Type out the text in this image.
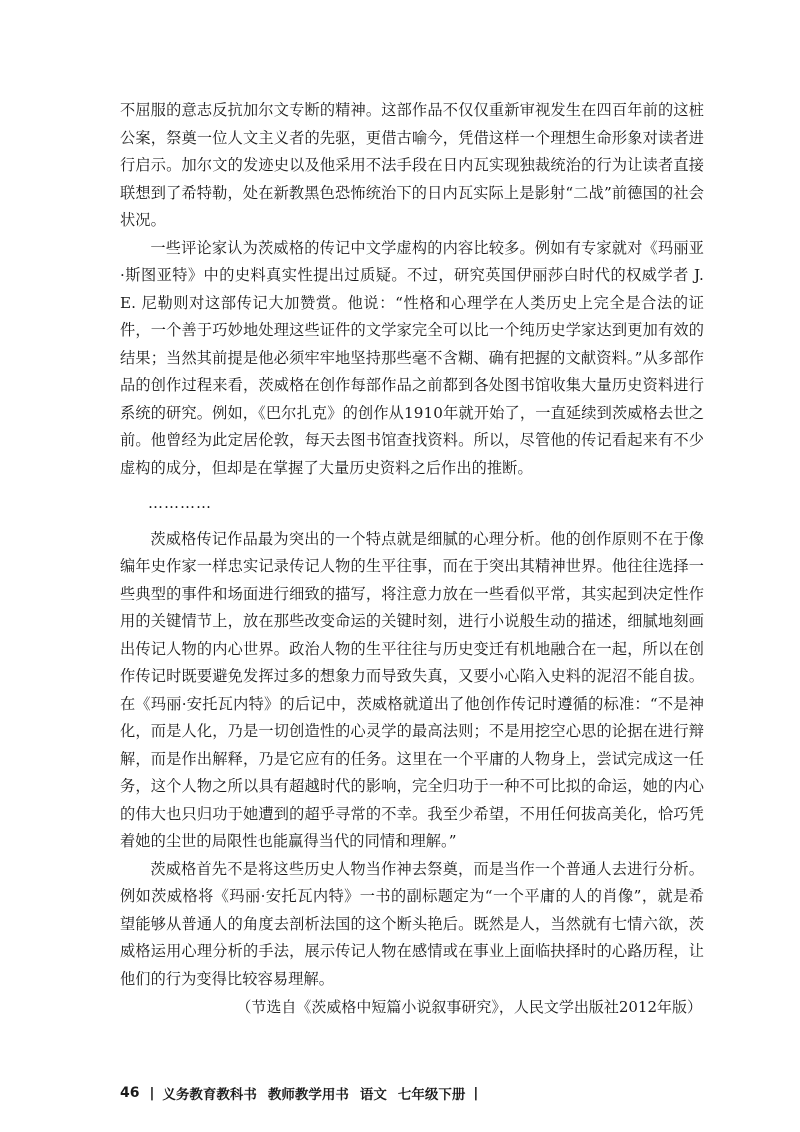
不屈服的意志反抗加尔文专断的精神。这部作品不仅仅重新审视发生在四百年前的这桩公案，祭奠一位人文主义者的先驱，更借古喻今，凭借这样一个理想生命形象对读者进行启示。加尔文的发迹史以及他采用不法手段在日内瓦实现独裁统治的行为让读者直接联想到了希特勒，处在新教黑色恐怖统治下的日内瓦实际上是影射“二战”前德国的社会状况。

一些评论家认为茨威格的传记中文学虚构的内容比较多。例如有专家就对《玛丽亚·斯图亚特》中的史料真实性提出过质疑。不过，研究英国伊丽莎白时代的权威学者 J. E. 尼勒则对这部传记大加赞赏。他说：“性格和心理学在人类历史上完全是合法的证件，一个善于巧妙地处理这些证件的文学家完全可以比一个纯历史学家达到更加有效的结果；当然其前提是他必须牢牢地坚持那些毫不含糊、确有把握的文献资料。”从多部作品的创作过程来看，茨威格在创作每部作品之前都到各处图书馆收集大量历史资料进行系统的研究。例如，《巴尔扎克》的创作从1910年就开始了，一直延续到茨威格去世之前。他曾经为此定居伦敦，每天去图书馆查找资料。所以，尽管他的传记看起来有不少虚构的成分，但却是在掌握了大量历史资料之后作出的推断。

…………

茨威格传记作品最为突出的一个特点就是细腻的心理分析。他的创作原则不在于像编年史作家一样忠实记录传记人物的生平往事，而在于突出其精神世界。他往往选择一些典型的事件和场面进行细致的描写，将注意力放在一些看似平常，其实起到决定性作用的关键情节上，放在那些改变命运的关键时刻，进行小说般生动的描述，细腻地刻画出传记人物的内心世界。政治人物的生平往往与历史变迁有机地融合在一起，所以在创作传记时既要避免发挥过多的想象力而导致失真，又要小心陷入史料的泥沼不能自拔。在《玛丽·安托瓦内特》的后记中，茨威格就道出了他创作传记时遵循的标准：“不是神化，而是人化，乃是一切创造性的心灵学的最高法则；不是用挖空心思的论据在进行辩解，而是作出解释，乃是它应有的任务。这里在一个平庸的人物身上，尝试完成这一任务，这个人物之所以具有超越时代的影响，完全归功于一种不可比拟的命运，她的内心的伟大也只归功于她遭到的超乎寻常的不幸。我至少希望，不用任何拔高美化，恰巧凭着她的尘世的局限性也能赢得当代的同情和理解。”

茨威格首先不是将这些历史人物当作神去祭奠，而是当作一个普通人去进行分析。例如茨威格将《玛丽·安托瓦内特》一书的副标题定为“一个平庸的人的肖像”，就是希望能够从普通人的角度去剖析法国的这个断头艳后。既然是人，当然就有七情六欲，茨威格运用心理分析的手法，展示传记人物在感情或在事业上面临抉择时的心路历程，让他们的行为变得比较容易理解。

（节选自《茨威格中短篇小说叙事研究》，人民文学出版社2012年版）

46 | 义务教育教科书 教师教学用书 语文 七年级下册 |
